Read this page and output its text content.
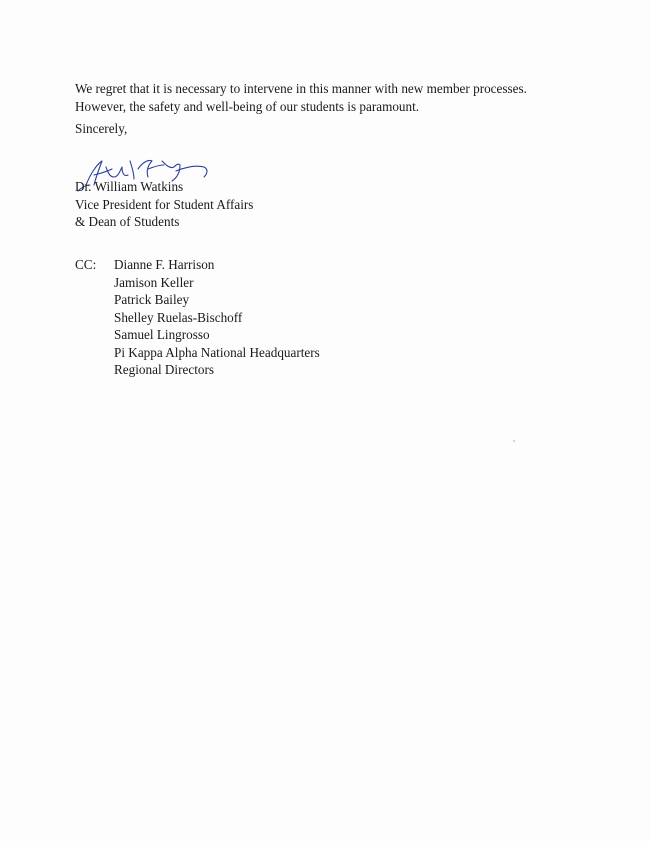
We regret that it is necessary to intervene in this manner with new member processes.
However, the safety and well-being of our students is paramount.

Sincerely,

Dr. William Watkins
Vice President for Student Affairs
& Dean of Students
CC: Dianne F. Harrison
Jamison Keller
Patrick Bailey
Shelley Ruelas-Bischoff
Samuel Lingrosso
Pi Kappa Alpha National Headquarters
Regional Directors
